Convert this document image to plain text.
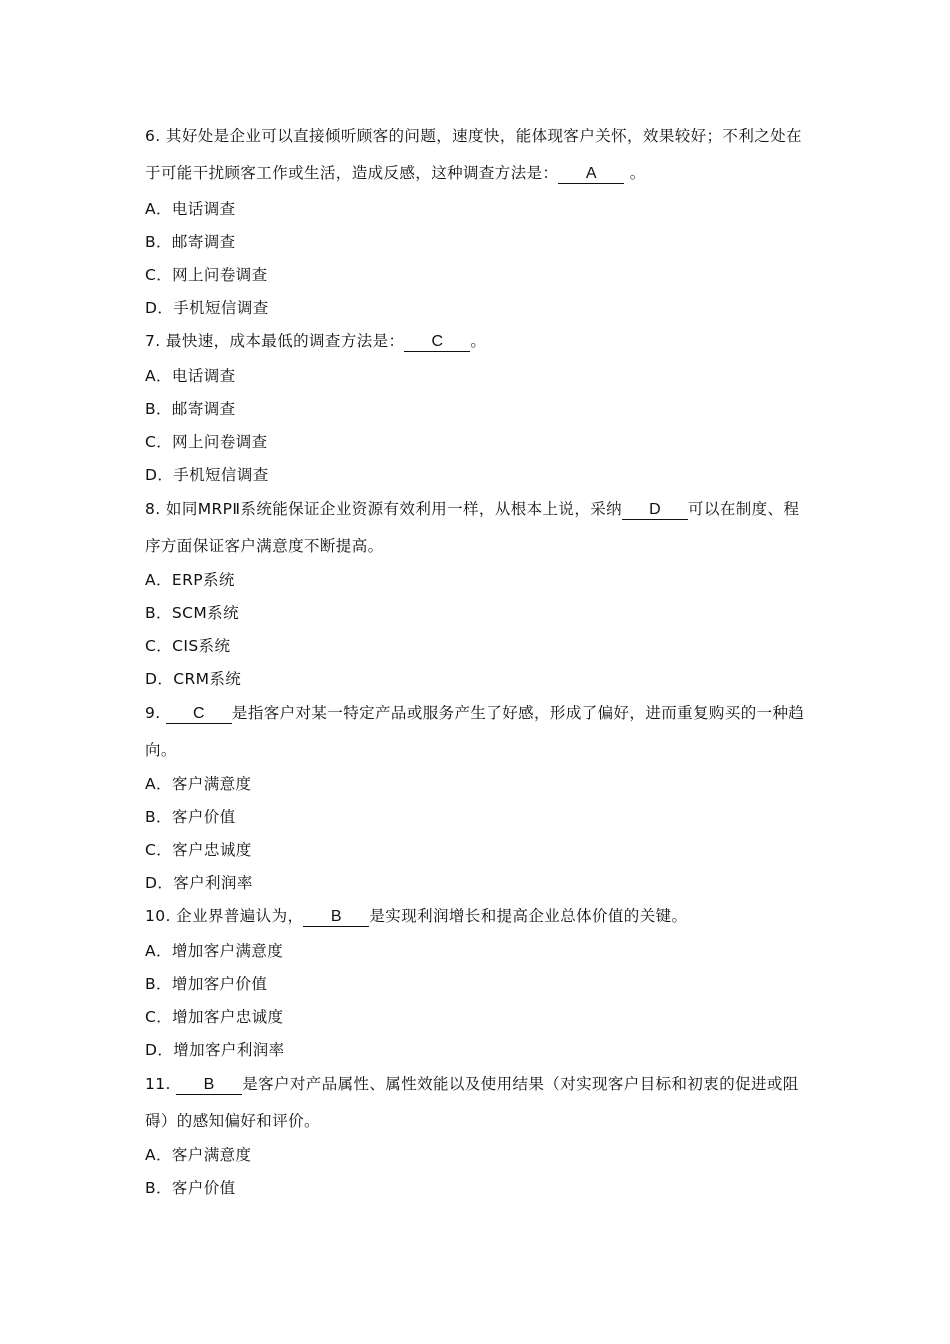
6. 其好处是企业可以直接倾听顾客的问题，速度快，能体现客户关怀，效果较好；不利之处在于可能干扰顾客工作或生活，造成反感，这种调查方法是： A 。
A．电话调查
B．邮寄调查
C．网上问卷调查
D．手机短信调查
7. 最快速，成本最低的调查方法是： C 。
A．电话调查
B．邮寄调查
C．网上问卷调查
D．手机短信调查
8. 如同MRPⅡ系统能保证企业资源有效利用一样，从根本上说，采纳 D 可以在制度、程序方面保证客户满意度不断提高。
A．ERP系统
B．SCM系统
C．CIS系统
D．CRM系统
9. C 是指客户对某一特定产品或服务产生了好感，形成了偏好，进而重复购买的一种趋向。
A．客户满意度
B．客户价值
C．客户忠诚度
D．客户利润率
10. 企业界普遍认为， B 是实现利润增长和提高企业总体价值的关键。
A．增加客户满意度
B．增加客户价值
C．增加客户忠诚度
D．增加客户利润率
11. B 是客户对产品属性、属性效能以及使用结果（对实现客户目标和初衷的促进或阻碍）的感知偏好和评价。
A．客户满意度
B．客户价值
